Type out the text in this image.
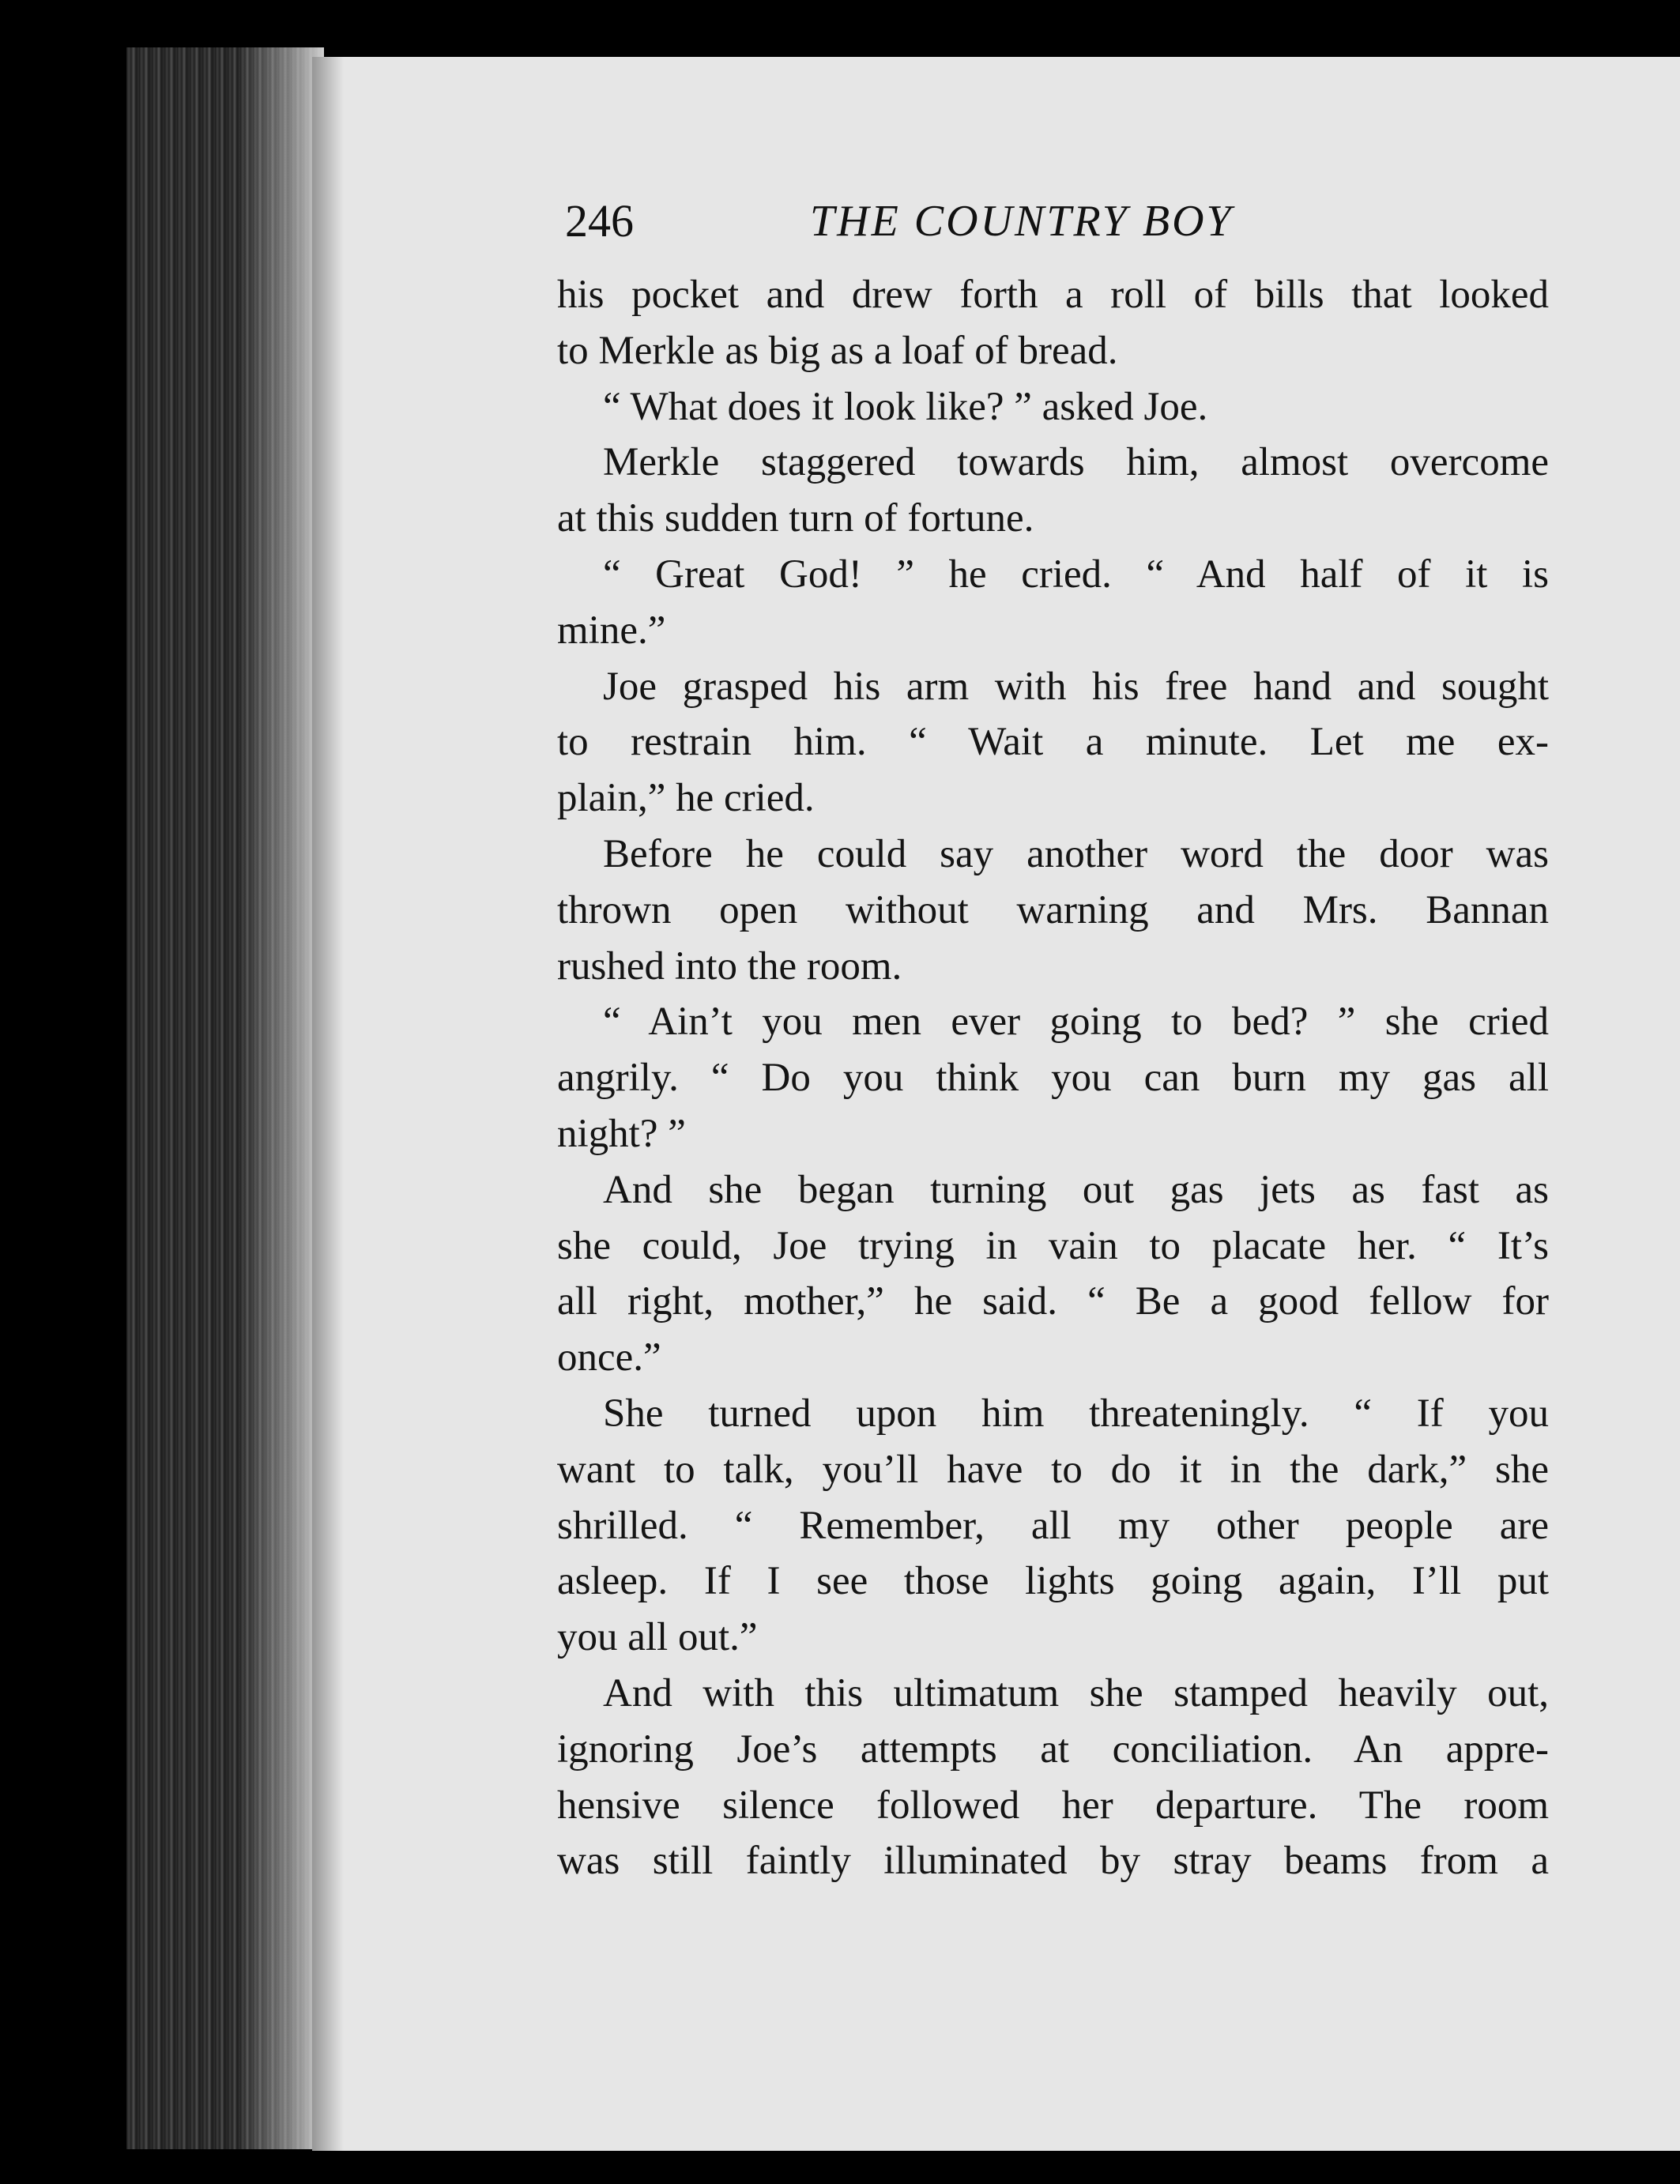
246	THE COUNTRY BOY
his pocket and drew forth a roll of bills that looked
to Merkle as big as a loaf of bread.
“ What does it look like? ” asked Joe.
Merkle staggered towards him, almost overcome
at this sudden turn of fortune.
“ Great God! ” he cried. “ And half of it is
mine.”
Joe grasped his arm with his free hand and sought
to restrain him. “ Wait a minute. Let me ex-
plain,” he cried.
Before he could say another word the door was
thrown open without warning and Mrs. Bannan
rushed into the room.
“ Ain’t you men ever going to bed? ” she cried
angrily. “ Do you think you can burn my gas all
night? ”
And she began turning out gas jets as fast as
she could, Joe trying in vain to placate her. “ It’s
all right, mother,” he said. “ Be a good fellow for
once.”
She turned upon him threateningly. “ If you
want to talk, you’ll have to do it in the dark,” she
shrilled. “ Remember, all my other people are
asleep. If I see those lights going again, I’ll put
you all out.”
And with this ultimatum she stamped heavily out,
ignoring Joe’s attempts at conciliation. An appre-
hensive silence followed her departure. The room
was still faintly illuminated by stray beams from a
